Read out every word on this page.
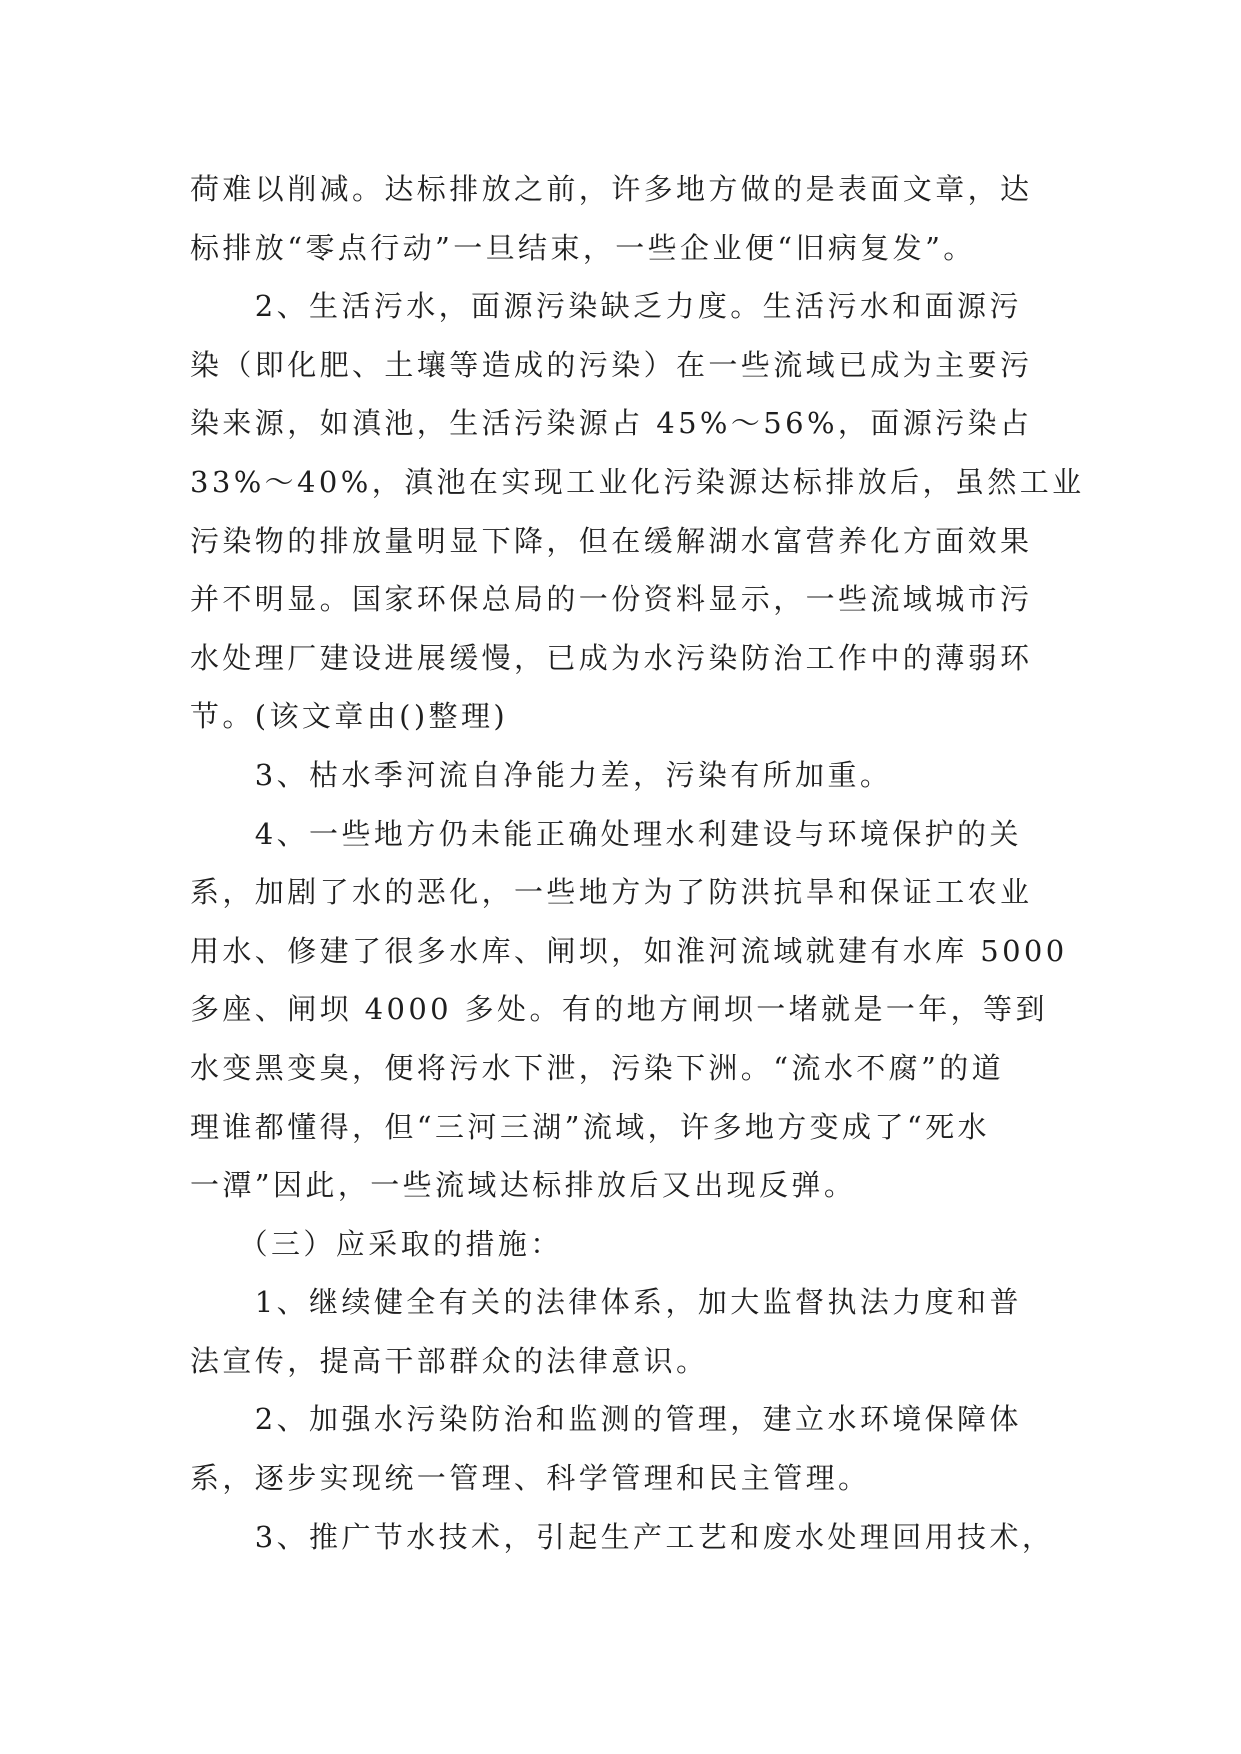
荷难以削减。达标排放之前，许多地方做的是表面文章，达
标排放“零点行动”一旦结束，一些企业便“旧病复发”。
2、生活污水，面源污染缺乏力度。生活污水和面源污
染（即化肥、土壤等造成的污染）在一些流域已成为主要污
染来源，如滇池，生活污染源占 45%～56%，面源污染占
33%～40%，滇池在实现工业化污染源达标排放后，虽然工业
污染物的排放量明显下降，但在缓解湖水富营养化方面效果
并不明显。国家环保总局的一份资料显示，一些流域城市污
水处理厂建设进展缓慢，已成为水污染防治工作中的薄弱环
节。(该文章由()整理)
3、枯水季河流自净能力差，污染有所加重。
4、一些地方仍未能正确处理水利建设与环境保护的关
系，加剧了水的恶化，一些地方为了防洪抗旱和保证工农业
用水、修建了很多水库、闸坝，如淮河流域就建有水库 5000
多座、闸坝 4000 多处。有的地方闸坝一堵就是一年，等到
水变黑变臭，便将污水下泄，污染下洲。“流水不腐”的道
理谁都懂得，但“三河三湖”流域，许多地方变成了“死水
一潭”因此，一些流域达标排放后又出现反弹。
（三）应采取的措施：
1、继续健全有关的法律体系，加大监督执法力度和普
法宣传，提高干部群众的法律意识。
2、加强水污染防治和监测的管理，建立水环境保障体
系，逐步实现统一管理、科学管理和民主管理。
3、推广节水技术，引起生产工艺和废水处理回用技术，
